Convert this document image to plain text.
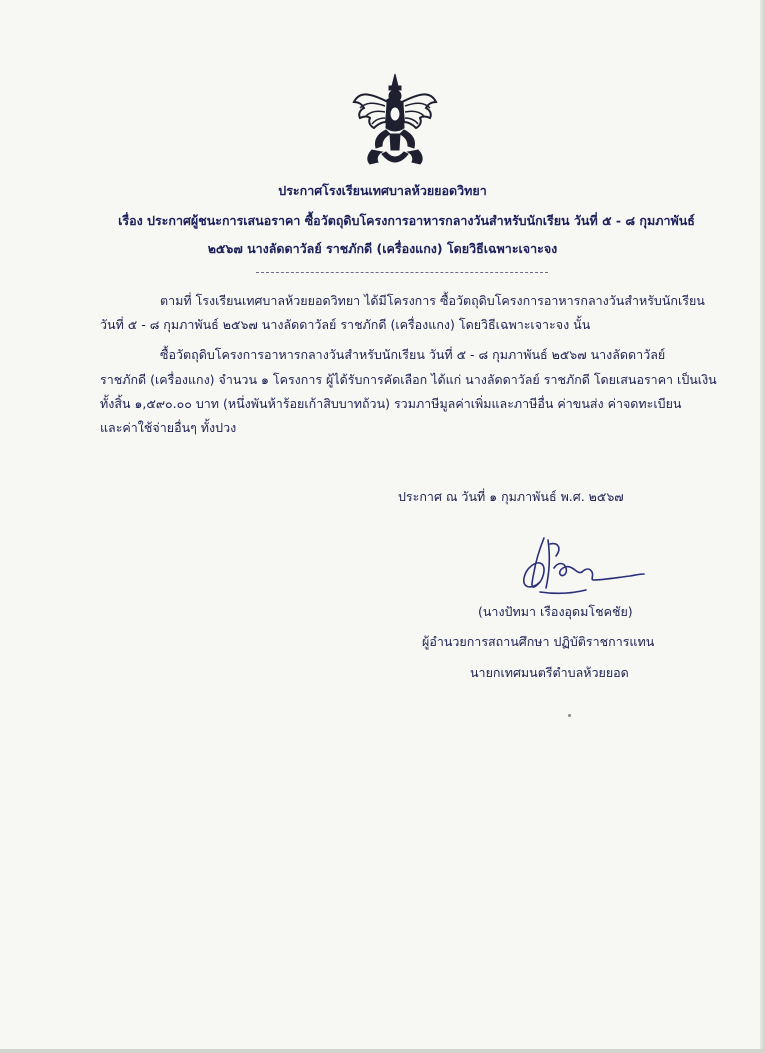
ประกาศโรงเรียนเทศบาลห้วยยอดวิทยา
เรื่อง ประกาศผู้ชนะการเสนอราคา ซื้อวัตถุดิบโครงการอาหารกลางวันสำหรับนักเรียน วันที่ ๕ - ๘ กุมภาพันธ์
๒๕๖๗ นางลัดดาวัลย์ ราชภักดี (เครื่องแกง) โดยวิธีเฉพาะเจาะจง
ตามที่ โรงเรียนเทศบาลห้วยยอดวิทยา ได้มีโครงการ ซื้อวัตถุดิบโครงการอาหารกลางวันสำหรับนักเรียน
วันที่ ๕ - ๘ กุมภาพันธ์ ๒๕๖๗ นางลัดดาวัลย์ ราชภักดี (เครื่องแกง) โดยวิธีเฉพาะเจาะจง นั้น
ซื้อวัตถุดิบโครงการอาหารกลางวันสำหรับนักเรียน วันที่ ๕ - ๘ กุมภาพันธ์ ๒๕๖๗ นางลัดดาวัลย์
ราชภักดี (เครื่องแกง) จำนวน ๑ โครงการ ผู้ได้รับการคัดเลือก ได้แก่ นางลัดดาวัลย์ ราชภักดี โดยเสนอราคา เป็นเงิน
ทั้งสิ้น ๑,๕๙๐.๐๐ บาท (หนึ่งพันห้าร้อยเก้าสิบบาทถ้วน) รวมภาษีมูลค่าเพิ่มและภาษีอื่น ค่าขนส่ง ค่าจดทะเบียน
และค่าใช้จ่ายอื่นๆ ทั้งปวง
ประกาศ ณ วันที่ ๑ กุมภาพันธ์ พ.ศ. ๒๕๖๗
(นางปัทมา เรืองอุดมโชคชัย)
ผู้อำนวยการสถานศึกษา ปฏิบัติราชการแทน
นายกเทศมนตรีตำบลห้วยยอด
